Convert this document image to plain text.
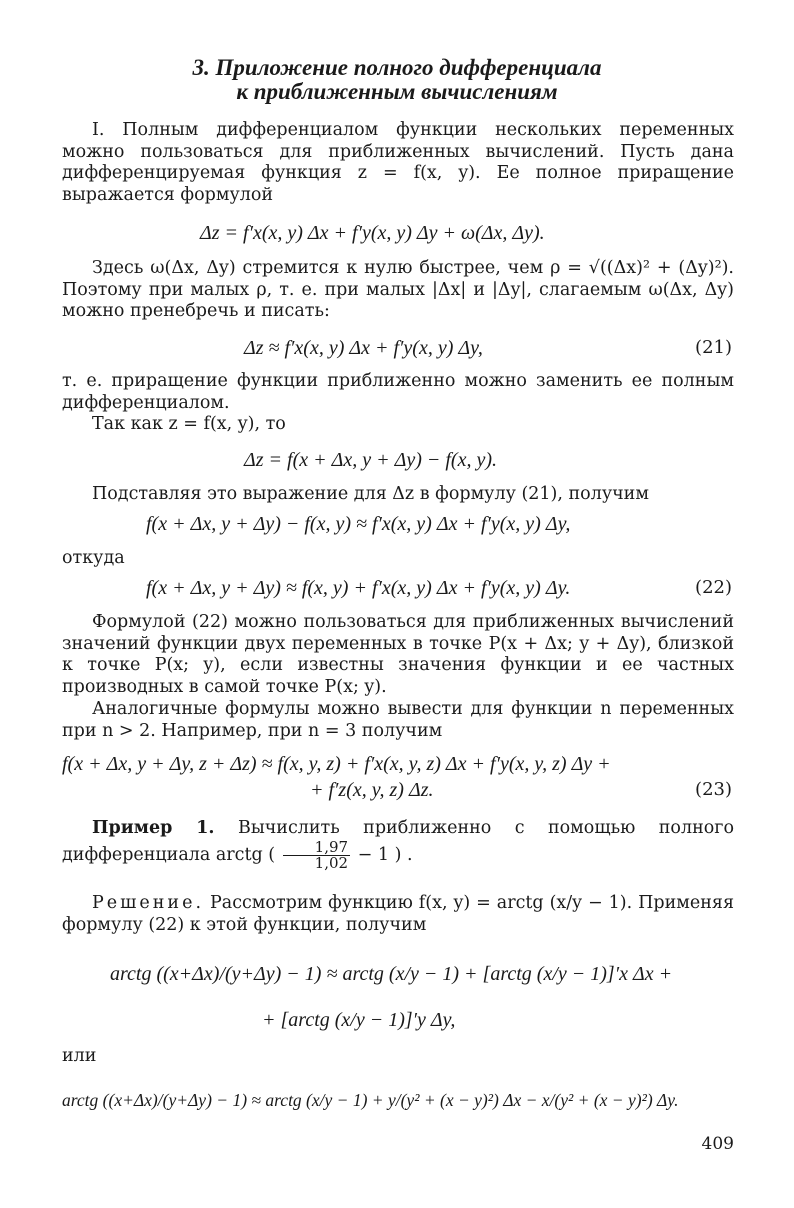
3. Приложение полного дифференциала
к приближенным вычислениям
I. Полным дифференциалом функции нескольких переменных можно пользоваться для приближенных вычислений. Пусть дана дифференцируемая функция z = f(x, y). Ее полное приращение выражается формулой
Δz = f′x(x, y) Δx + f′y(x, y) Δy + ω(Δx, Δy).
Здесь ω(Δx, Δy) стремится к нулю быстрее, чем ρ = √((Δx)² + (Δy)²). Поэтому при малых ρ, т. е. при малых |Δx| и |Δy|, слагаемым ω(Δx, Δy) можно пренебречь и писать:
Δz ≈ f′x(x, y) Δx + f′y(x, y) Δy,	(21)
т. е. приращение функции приближенно можно заменить ее полным дифференциалом.
Так как z = f(x, y), то
Δz = f(x + Δx, y + Δy) − f(x, y).
Подставляя это выражение для Δz в формулу (21), получим
f(x + Δx, y + Δy) − f(x, y) ≈ f′x(x, y) Δx + f′y(x, y) Δy,
откуда
f(x + Δx, y + Δy) ≈ f(x, y) + f′x(x, y) Δx + f′y(x, y) Δy.	(22)
Формулой (22) можно пользоваться для приближенных вычислений значений функции двух переменных в точке P(x + Δx; y + Δy), близкой к точке P(x; y), если известны значения функции и ее частных производных в самой точке P(x; y).
Аналогичные формулы можно вывести для функции n переменных при n > 2. Например, при n = 3 получим
f(x + Δx, y + Δy, z + Δz) ≈ f(x, y, z) + f′x(x, y, z) Δx + f′y(x, y, z) Δy +
+ f′z(x, y, z) Δz.	(23)
Пример 1. Вычислить приближенно с помощью полного дифференциала arctg ( $\frac{1,97}{1,02} - 1$ ) .
Решение. Рассмотрим функцию f(x, y) = arctg (x/y − 1). Применяя формулу (22) к этой функции, получим
arctg ((x+Δx)/(y+Δy) − 1) ≈ arctg (x/y − 1) + [arctg (x/y − 1)]′x Δx +
+ [arctg (x/y − 1)]′y Δy,
или
arctg ((x+Δx)/(y+Δy) − 1) ≈ arctg (x/y − 1) + y/(y² + (x − y)²) Δx − x/(y² + (x − y)²) Δy.
409
